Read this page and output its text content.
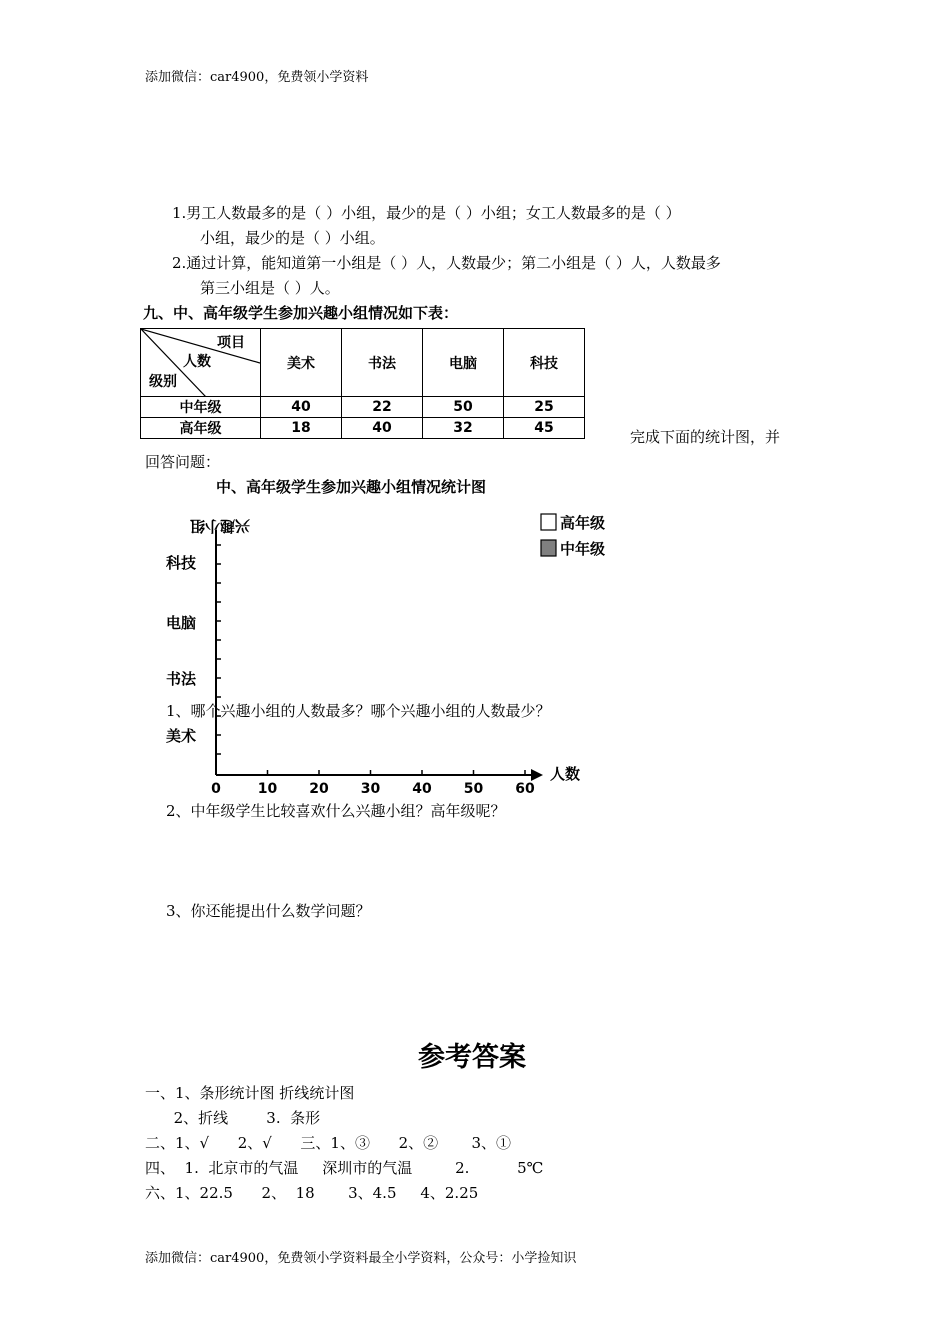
添加微信：car4900，免费领小学资料
1.男工人数最多的是（ ）小组，最少的是（ ）小组；女工人数最多的是（ ）
小组，最少的是（ ）小组。
2.通过计算，能知道第一小组是（ ）人，人数最少；第二小组是（ ）人，人数最多
第三小组是（ ）人。
九、中、高年级学生参加兴趣小组情况如下表：
项目
人数
级别	美术	书法	电脑	科技
中年级	40	22	50	25
高年级	18	40	32	45	完成下面的统计图，并
回答问题：
中、高年级学生参加兴趣小组情况统计图
0	10 20 30 40 50 60
美术
书法
电脑
科技
人数
兴趣小组	高年级
中年级
1、哪个兴趣小组的人数最多？哪个兴趣小组的人数最少？
2、中年级学生比较喜欢什么兴趣小组？高年级呢？
3、你还能提出什么数学问题？
参考答案
一、1、条形统计图 折线统计图
2、折线        3.  条形
二、1、√      2、√      三、1、③      2、②       3、①
四、  1.  北京市的气温     深圳市的气温         2.          5℃
六、1、22.5      2、  18       3、4.5     4、2.25
添加微信：car4900，免费领小学资料最全小学资料，公众号：小学捡知识
